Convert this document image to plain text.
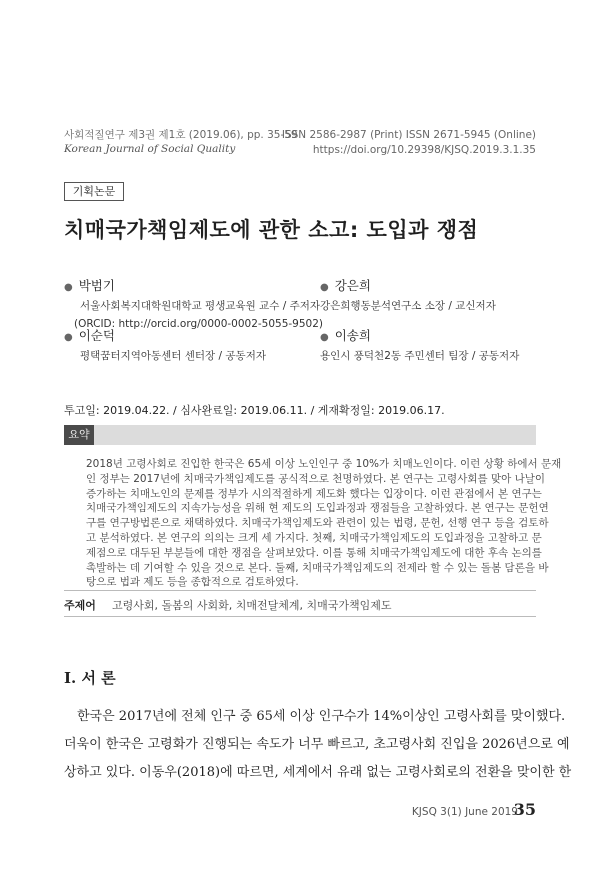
사회적질연구 제3권 제1호 (2019.06), pp. 35-59
Korean Journal of Social Quality
ISSN 2586-2987 (Print) ISSN 2671-5945 (Online)
https://doi.org/10.29398/KJSQ.2019.3.1.35
기획논문
치매국가책임제도에 관한 소고: 도입과 쟁점
● 박범기
서울사회복지대학원대학교 평생교육원 교수 / 주저자
(ORCID: http://orcid.org/0000-0002-5055-9502)
● 강은희
강은희행동분석연구소 소장 / 교신저자
● 이순덕
평택꿈터지역아동센터 센터장 / 공동저자
● 이송희
용인시 풍덕천2동 주민센터 팀장 / 공동저자
투고일: 2019.04.22. / 심사완료일: 2019.06.11. / 게재확정일: 2019.06.17.
요약
2018년 고령사회로 진입한 한국은 65세 이상 노인인구 중 10%가 치매노인이다. 이런 상황 하에서 문재
인 정부는 2017년에 치매국가책임제도를 공식적으로 천명하였다. 본 연구는 고령사회를 맞아 나날이
증가하는 치매노인의 문제를 정부가 시의적절하게 제도화 했다는 입장이다. 이런 관점에서 본 연구는
치매국가책임제도의 지속가능성을 위해 현 제도의 도입과정과 쟁점들을 고찰하였다. 본 연구는 문헌연
구를 연구방법론으로 채택하였다. 치매국가책임제도와 관련이 있는 법령, 문헌, 선행 연구 등을 검토하
고 분석하였다. 본 연구의 의의는 크게 세 가지다. 첫째, 치매국가책임제도의 도입과정을 고찰하고 문
제점으로 대두된 부분들에 대한 쟁점을 살펴보았다. 이를 통해 치매국가책임제도에 대한 후속 논의를
촉발하는 데 기여할 수 있을 것으로 본다. 둘째, 치매국가책임제도의 전제라 할 수 있는 돌봄 담론을 바
탕으로 법과 제도 등을 종합적으로 검토하였다.
주제어 고령사회, 돌봄의 사회화, 치매전달체계, 치매국가책임제도
Ⅰ. 서 론
한국은 2017년에 전체 인구 중 65세 이상 인구수가 14%이상인 고령사회를 맞이했다.
더욱이 한국은 고령화가 진행되는 속도가 너무 빠르고, 초고령사회 진입을 2026년으로 예
상하고 있다. 이동우(2018)에 따르면, 세계에서 유래 없는 고령사회로의 전환을 맞이한 한
KJSQ 3(1) June 2019
35
